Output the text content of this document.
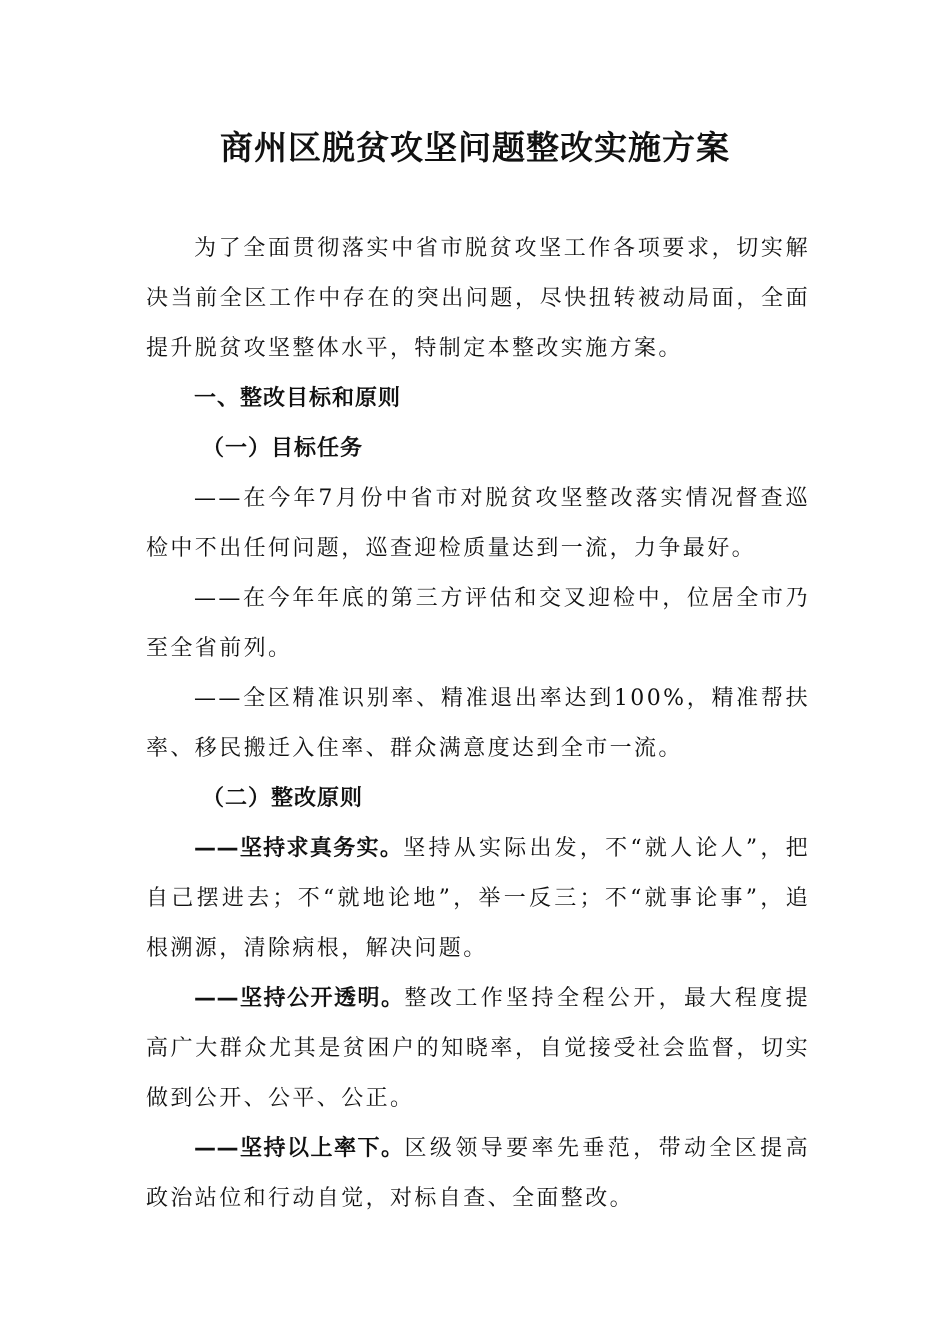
商州区脱贫攻坚问题整改实施方案

为了全面贯彻落实中省市脱贫攻坚工作各项要求，切实解决当前全区工作中存在的突出问题，尽快扭转被动局面，全面提升脱贫攻坚整体水平，特制定本整改实施方案。

一、整改目标和原则

（一）目标任务

——在今年7月份中省市对脱贫攻坚整改落实情况督查巡检中不出任何问题，巡查迎检质量达到一流，力争最好。

——在今年年底的第三方评估和交叉迎检中，位居全市乃至全省前列。

——全区精准识别率、精准退出率达到100%，精准帮扶率、移民搬迁入住率、群众满意度达到全市一流。

（二）整改原则

——坚持求真务实。坚持从实际出发，不“就人论人”，把自己摆进去；不“就地论地”，举一反三；不“就事论事”，追根溯源，清除病根，解决问题。

——坚持公开透明。整改工作坚持全程公开，最大程度提高广大群众尤其是贫困户的知晓率，自觉接受社会监督，切实做到公开、公平、公正。

——坚持以上率下。区级领导要率先垂范，带动全区提高政治站位和行动自觉，对标自查、全面整改。
